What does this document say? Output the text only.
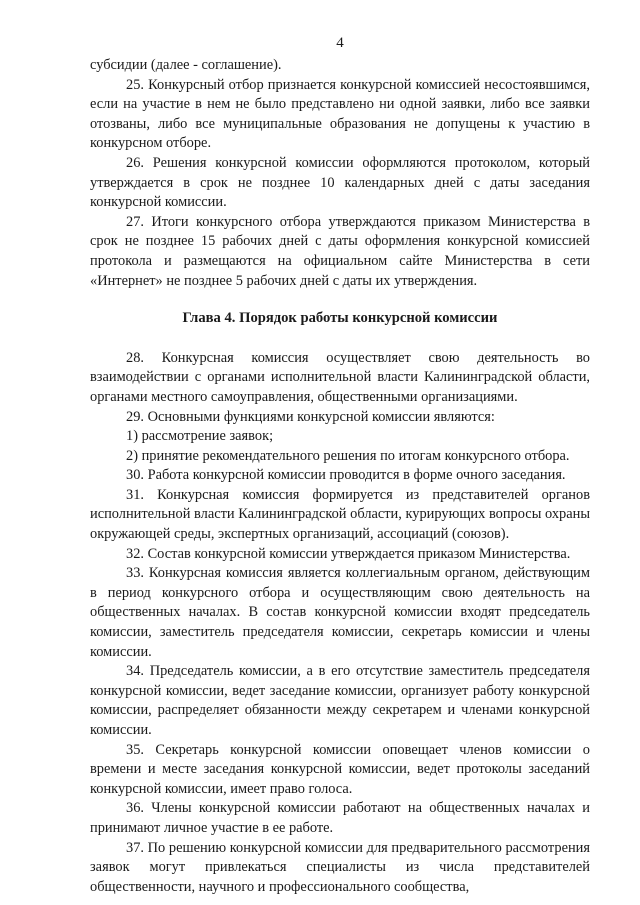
4

субсидии (далее - соглашение).

25. Конкурсный отбор признается конкурсной комиссией несостоявшимся, если на участие в нем не было представлено ни одной заявки, либо все заявки отозваны, либо все муниципальные образования не допущены к участию в конкурсном отборе.

26. Решения конкурсной комиссии оформляются протоколом, который утверждается в срок не позднее 10 календарных дней с даты заседания конкурсной комиссии.

27. Итоги конкурсного отбора утверждаются приказом Министерства в срок не позднее 15 рабочих дней с даты оформления конкурсной комиссией протокола и размещаются на официальном сайте Министерства в сети «Интернет» не позднее 5 рабочих дней с даты их утверждения.

Глава 4. Порядок работы конкурсной комиссии

28. Конкурсная комиссия осуществляет свою деятельность во взаимодействии с органами исполнительной власти Калининградской области, органами местного самоуправления, общественными организациями.

29. Основными функциями конкурсной комиссии являются:

1) рассмотрение заявок;

2) принятие рекомендательного решения по итогам конкурсного отбора.

30. Работа конкурсной комиссии проводится в форме очного заседания.

31. Конкурсная комиссия формируется из представителей органов исполнительной власти Калининградской области, курирующих вопросы охраны окружающей среды, экспертных организаций, ассоциаций (союзов).

32. Состав конкурсной комиссии утверждается приказом Министерства.

33. Конкурсная комиссия является коллегиальным органом, действующим в период конкурсного отбора и осуществляющим свою деятельность на общественных началах. В состав конкурсной комиссии входят председатель комиссии, заместитель председателя комиссии, секретарь комиссии и члены комиссии.

34. Председатель комиссии, а в его отсутствие заместитель председателя конкурсной комиссии, ведет заседание комиссии, организует работу конкурсной комиссии, распределяет обязанности между секретарем и членами конкурсной комиссии.

35. Секретарь конкурсной комиссии оповещает членов комиссии о времени и месте заседания конкурсной комиссии, ведет протоколы заседаний конкурсной комиссии, имеет право голоса.

36. Члены конкурсной комиссии работают на общественных началах и принимают личное участие в ее работе.

37. По решению конкурсной комиссии для предварительного рассмотрения заявок могут привлекаться специалисты из числа представителей общественности, научного и профессионального сообщества,
